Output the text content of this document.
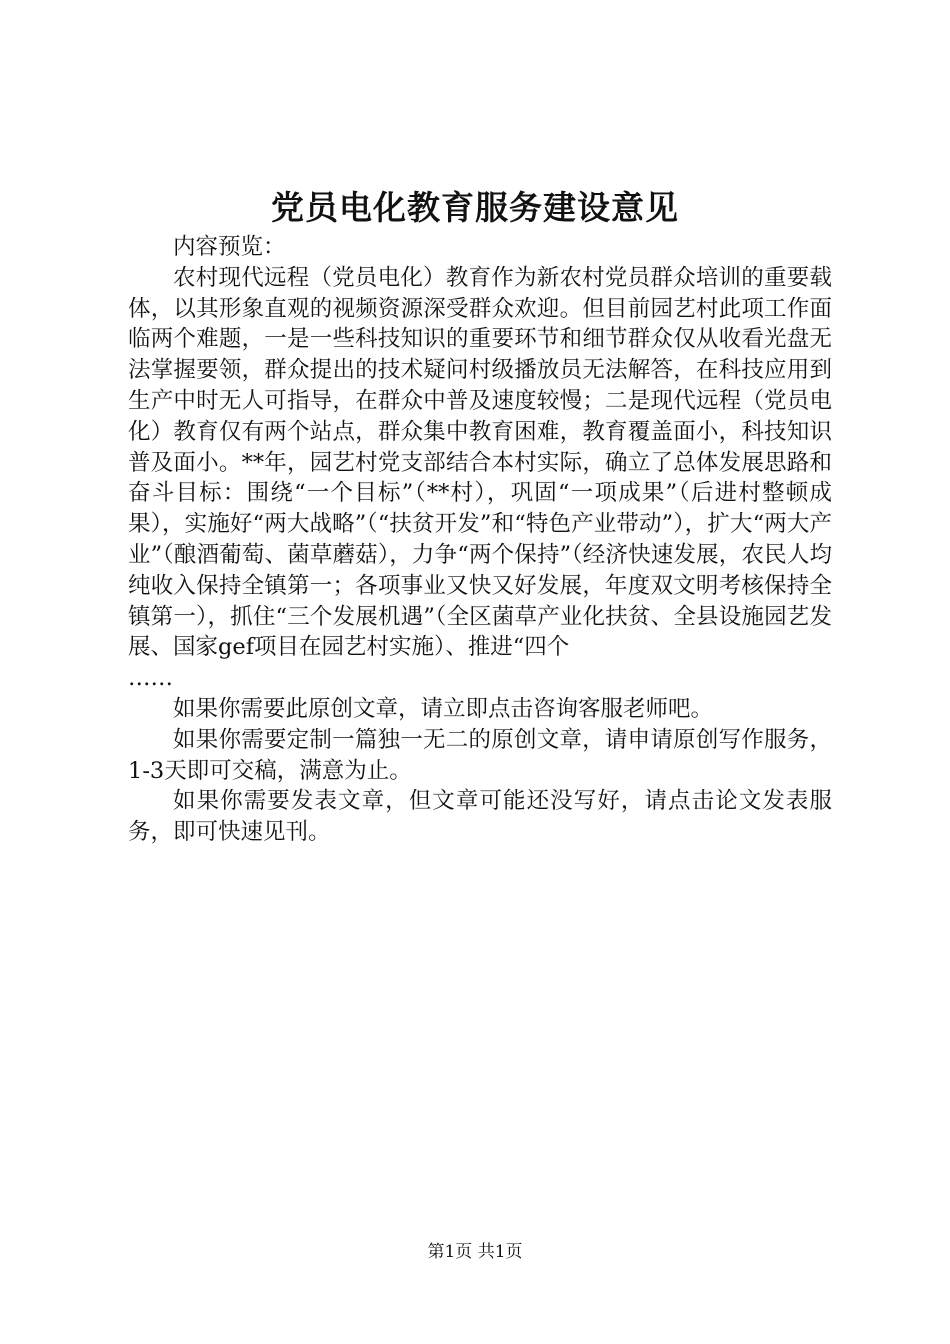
党员电化教育服务建设意见

内容预览：

农村现代远程（党员电化）教育作为新农村党员群众培训的重要载体，以其形象直观的视频资源深受群众欢迎。但目前园艺村此项工作面临两个难题，一是一些科技知识的重要环节和细节群众仅从收看光盘无法掌握要领，群众提出的技术疑问村级播放员无法解答，在科技应用到生产中时无人可指导，在群众中普及速度较慢；二是现代远程（党员电化）教育仅有两个站点，群众集中教育困难，教育覆盖面小，科技知识普及面小。**年，园艺村党支部结合本村实际，确立了总体发展思路和奋斗目标：围绕“一个目标”（**村），巩固“一项成果”（后进村整顿成果），实施好“两大战略”（“扶贫开发”和“特色产业带动”），扩大“两大产业”（酿酒葡萄、菌草蘑菇），力争“两个保持”（经济快速发展，农民人均纯收入保持全镇第一；各项事业又快又好发展，年度双文明考核保持全镇第一），抓住“三个发展机遇”（全区菌草产业化扶贫、全县设施园艺发展、国家gef项目在园艺村实施）、推进“四个

……

如果你需要此原创文章，请立即点击咨询客服老师吧。

如果你需要定制一篇独一无二的原创文章，请申请原创写作服务，1-3天即可交稿，满意为止。

如果你需要发表文章，但文章可能还没写好，请点击论文发表服务，即可快速见刊。

第1页 共1页
